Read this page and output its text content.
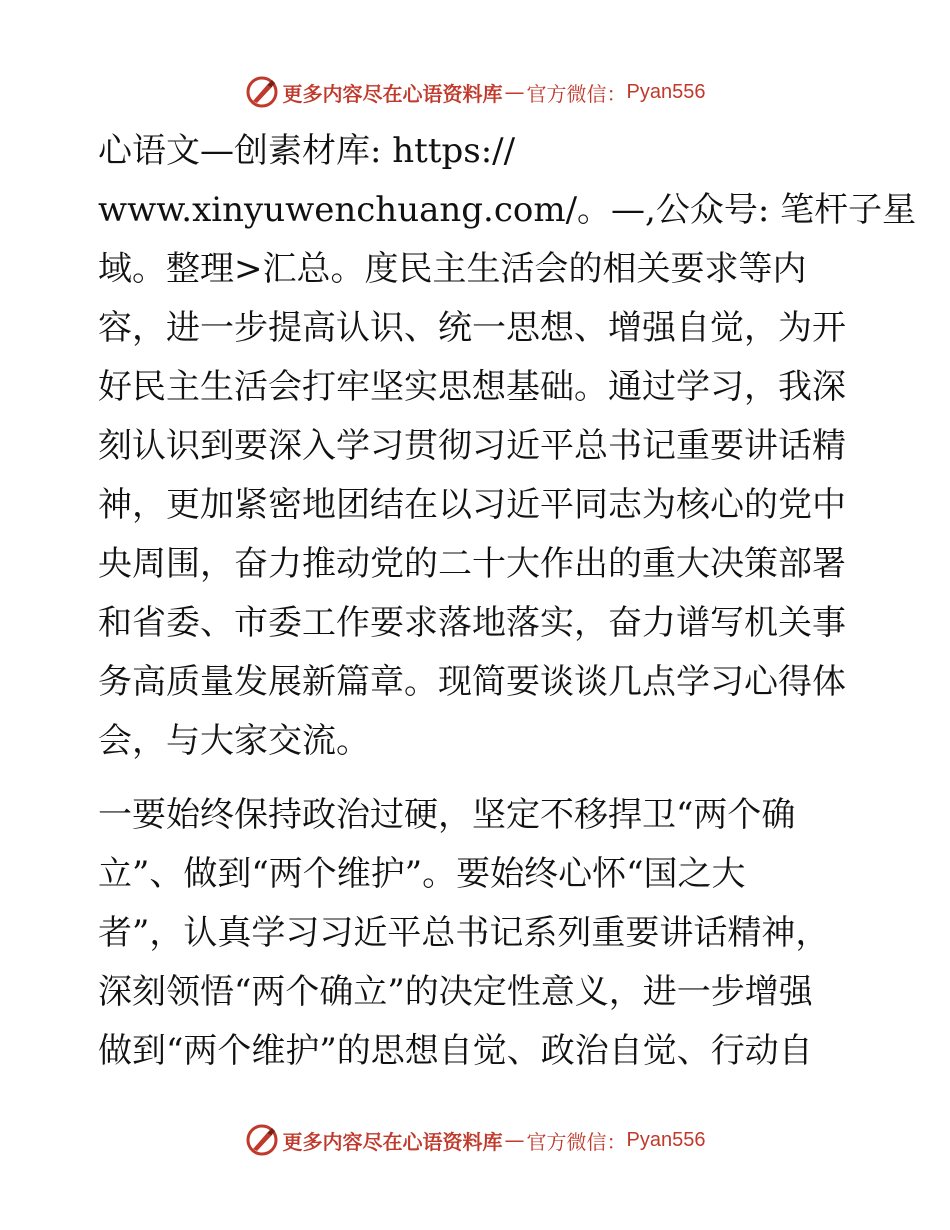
更多内容尽在心语资料库 — 官方微信： Pyan556
心语文—创素材库: https://
www.xinyuwenchuang.com/。—,公众号: 笔杆子星
域。整理>汇总。度民主生活会的相关要求等内
容，进一步提高认识、统一思想、增强自觉，为开
好民主生活会打牢坚实思想基础。通过学习，我深
刻认识到要深入学习贯彻习近平总书记重要讲话精
神，更加紧密地团结在以习近平同志为核心的党中
央周围，奋力推动党的二十大作出的重大决策部署
和省委、市委工作要求落地落实，奋力谱写机关事
务高质量发展新篇章。现简要谈谈几点学习心得体
会，与大家交流。
一要始终保持政治过硬，坚定不移捍卫“两个确
立”、做到“两个维护”。要始终心怀“国之大
者”，认真学习习近平总书记系列重要讲话精神，
深刻领悟“两个确立”的决定性意义，进一步增强
做到“两个维护”的思想自觉、政治自觉、行动自
更多内容尽在心语资料库 — 官方微信： Pyan556
